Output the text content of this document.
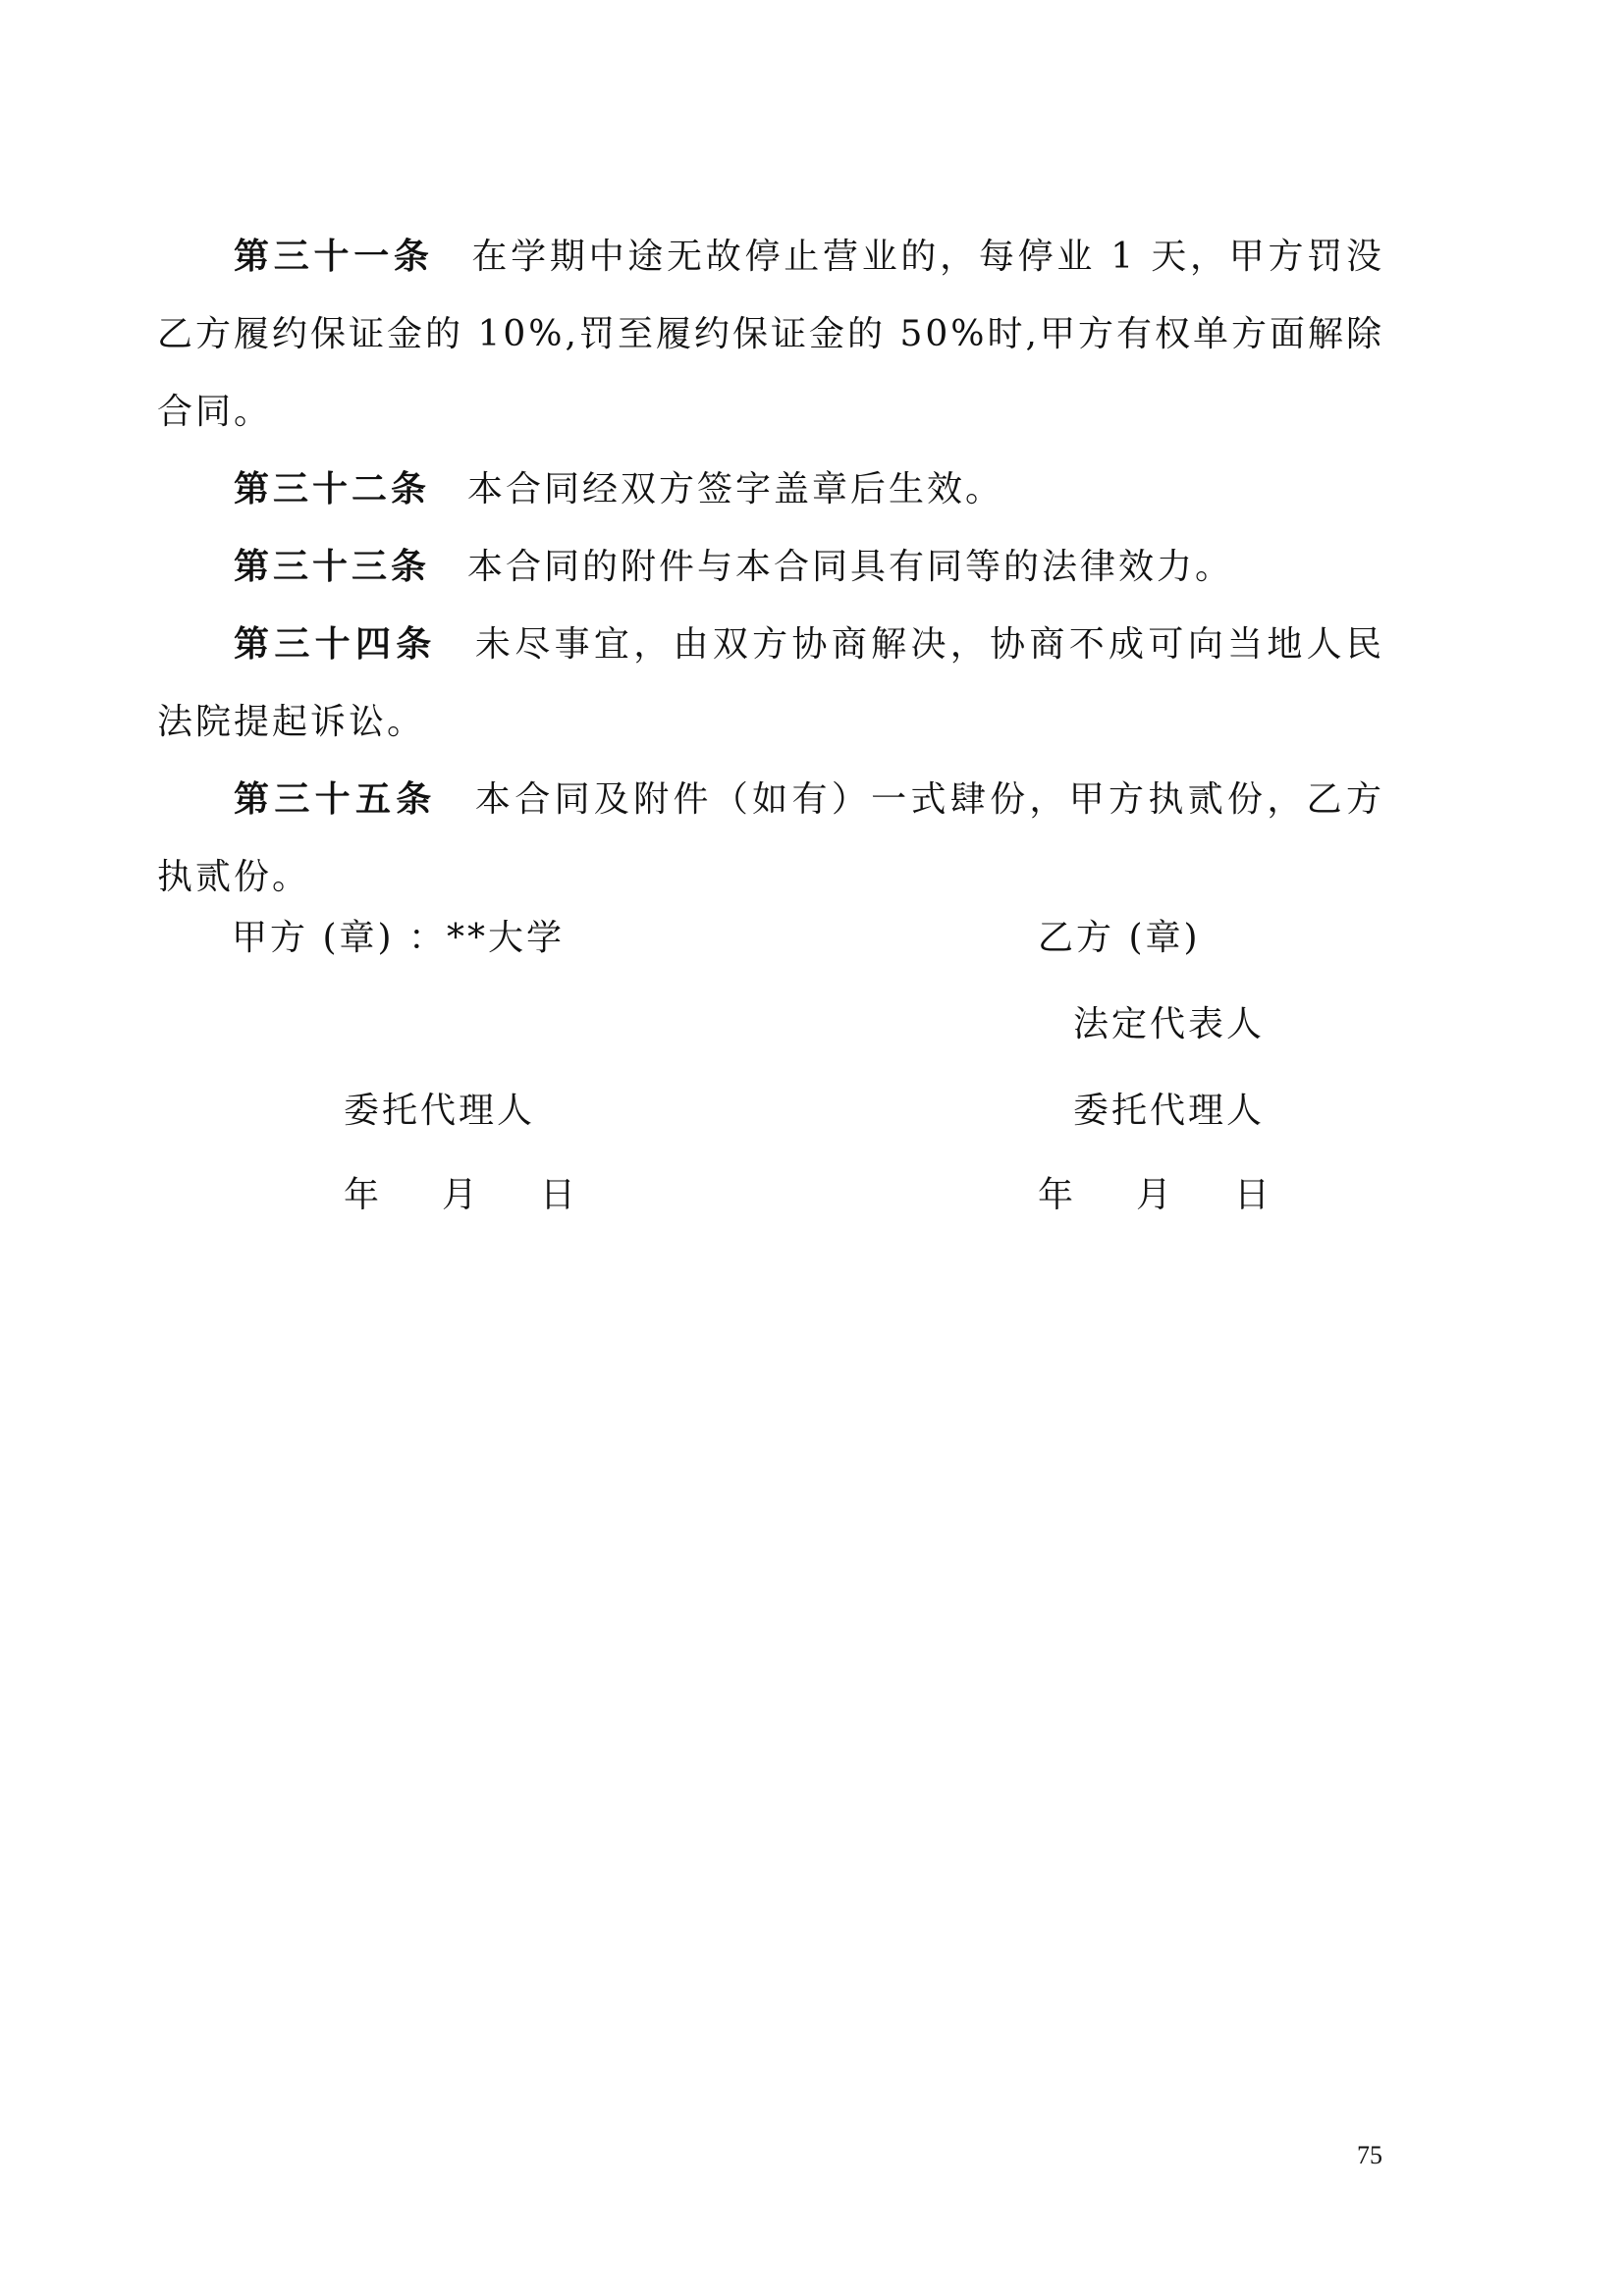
第三十一条 在学期中途无故停止营业的，每停业 1 天，甲方罚没乙方履约保证金的 10%,罚至履约保证金的 50%时,甲方有权单方面解除合同。

第三十二条 本合同经双方签字盖章后生效。

第三十三条 本合同的附件与本合同具有同等的法律效力。

第三十四条 未尽事宜，由双方协商解决，协商不成可向当地人民法院提起诉讼。

第三十五条 本合同及附件（如有）一式肆份，甲方执贰份，乙方执贰份。

甲方 (章) ：**大学
委托代理人
年 月 日
乙方 (章)
法定代表人
委托代理人
年 月 日
75
